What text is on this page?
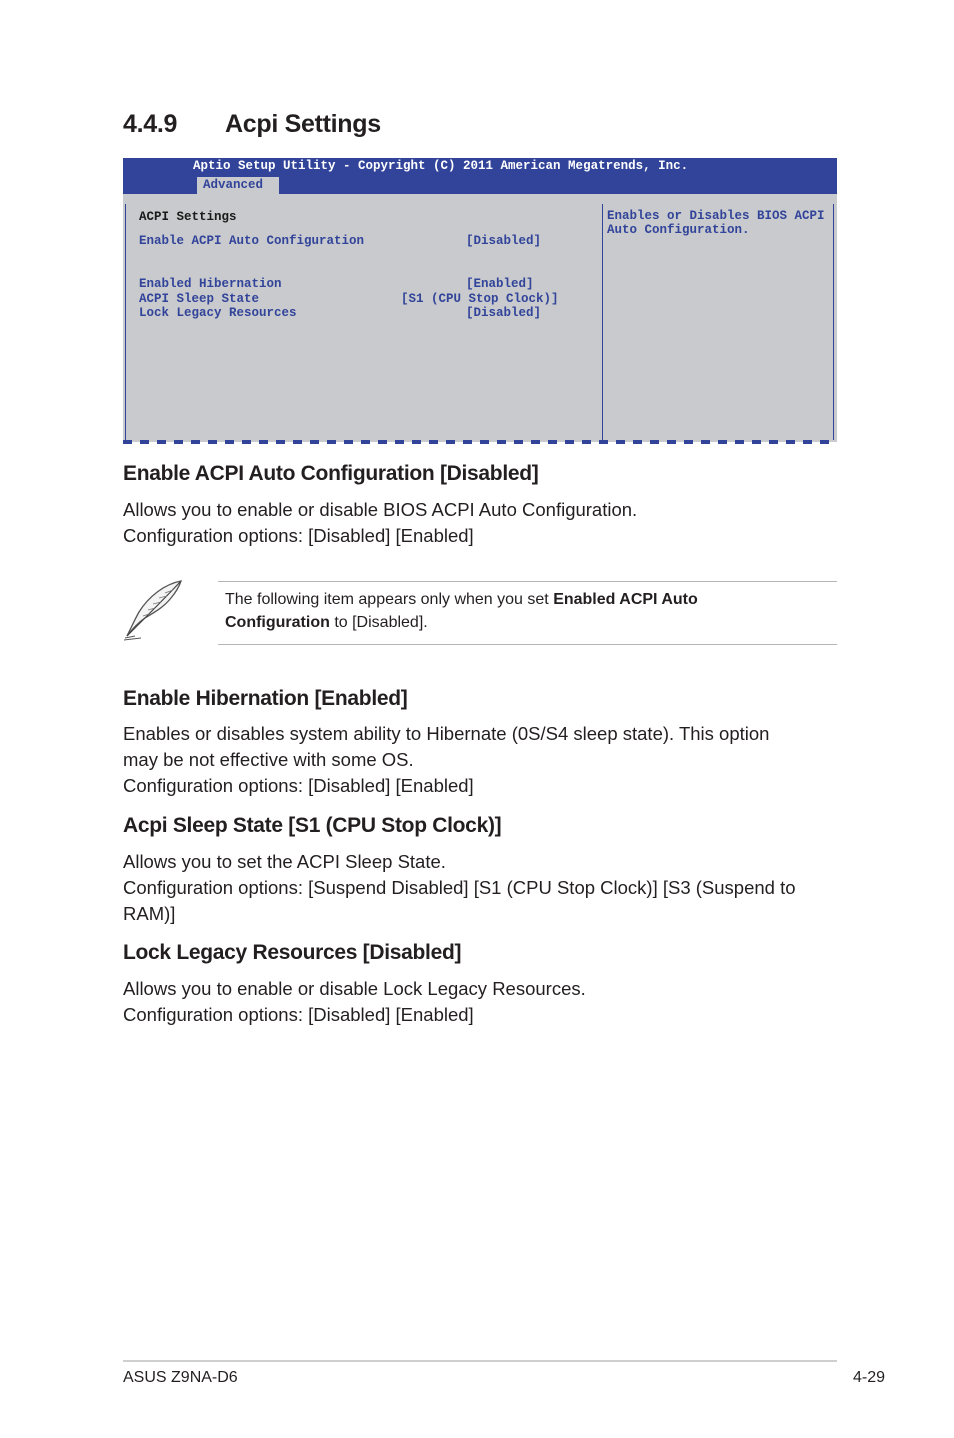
4.4.9 Acpi Settings
Aptio Setup Utility - Copyright (C) 2011 American Megatrends, Inc.
Advanced
ACPI Settings
Enable ACPI Auto Configuration	[Disabled]
Enabled Hibernation	[Enabled]
ACPI Sleep State	[S1 (CPU Stop Clock)]
Lock Legacy Resources	[Disabled]
Enables or Disables BIOS ACPI
Auto Configuration.
Enable ACPI Auto Configuration [Disabled]
Allows you to enable or disable BIOS ACPI Auto Configuration.
Configuration options: [Disabled] [Enabled]
The following item appears only when you set Enabled ACPI Auto
Configuration to [Disabled].
Enable Hibernation [Enabled]
Enables or disables system ability to Hibernate (0S/S4 sleep state). This option
may be not effective with some OS.
Configuration options: [Disabled] [Enabled]
Acpi Sleep State [S1 (CPU Stop Clock)]
Allows you to set the ACPI Sleep State.
Configuration options: [Suspend Disabled] [S1 (CPU Stop Clock)] [S3 (Suspend to
RAM)]
Lock Legacy Resources [Disabled]
Allows you to enable or disable Lock Legacy Resources.
Configuration options: [Disabled] [Enabled]
ASUS Z9NA-D6	4-29
